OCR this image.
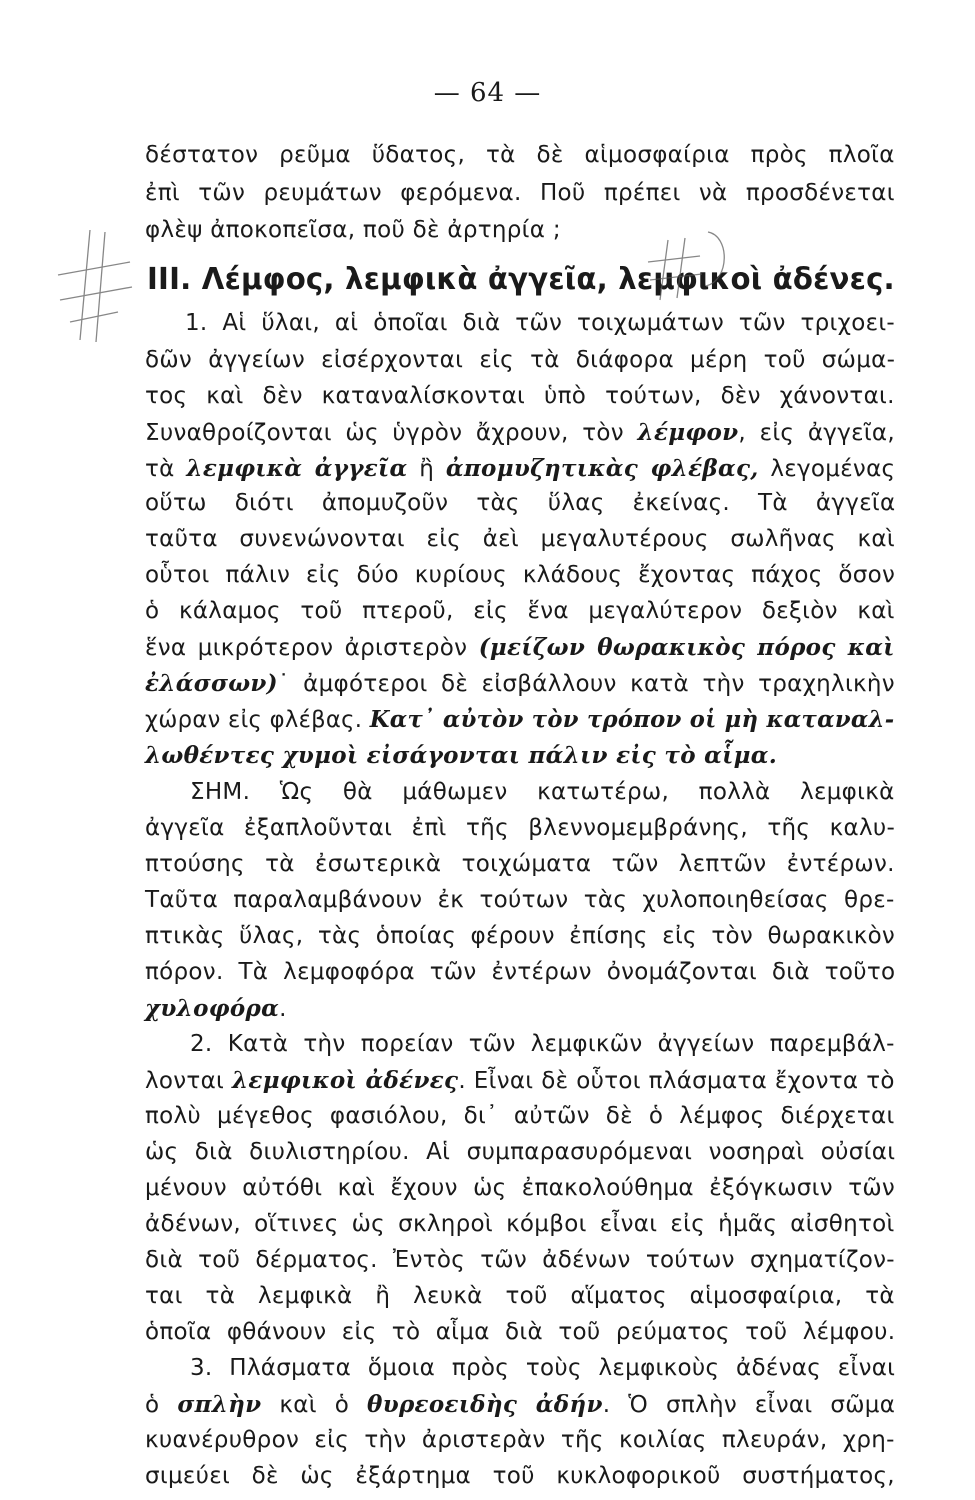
— 64 —
δέστατον ρεῦμα ὕδατος, τὰ δὲ αἱμοσφαίρια πρὸς πλοῖα
ἐπὶ τῶν ρευμάτων φερόμενα. Ποῦ πρέπει νὰ προσδένεται
φλὲψ ἀποκοπεῖσα, ποῦ δὲ ἀρτηρία ;
III. Λέμφος, λεμφικὰ ἀγγεῖα, λεμφικοὶ ἀδένες.
1. Αἱ ὕλαι, αἱ ὁποῖαι διὰ τῶν τοιχωμάτων τῶν τριχοει-
δῶν ἀγγείων εἰσέρχονται εἰς τὰ διάφορα μέρη τοῦ σώμα-
τος καὶ δὲν καταναλίσκονται ὑπὸ τούτων, δὲν χάνονται.
Συναθροίζονται ὡς ὑγρὸν ἄχρουν, τὸν λέμφον, εἰς ἀγγεῖα,
τὰ λεμφικὰ ἀγγεῖα ἢ ἀπομυζητικὰς φλέβας, λεγομένας
οὕτω διότι ἀπομυζοῦν τὰς ὕλας ἐκείνας. Τὰ ἀγγεῖα
ταῦτα συνενώνονται εἰς ἀεὶ μεγαλυτέρους σωλῆνας καὶ
οὗτοι πάλιν εἰς δύο κυρίους κλάδους ἔχοντας πάχος ὅσον
ὁ κάλαμος τοῦ πτεροῦ, εἰς ἕνα μεγαλύτερον δεξιὸν καὶ
ἕνα μικρότερον ἀριστερὸν (μείζων θωρακικὸς πόρος καὶ
ἐλάσσων)˙ ἀμφότεροι δὲ εἰσβάλλουν κατὰ τὴν τραχηλικὴν
χώραν εἰς φλέβας. Κατ᾿ αὐτὸν τὸν τρόπον οἱ μὴ καταναλ-
λωθέντες χυμοὶ εἰσάγονται πάλιν εἰς τὸ αἷμα.
ΣΗΜ. Ὡς θὰ μάθωμεν κατωτέρω, πολλὰ λεμφικὰ
ἀγγεῖα ἐξαπλοῦνται ἐπὶ τῆς βλεννομεμβράνης, τῆς καλυ-
πτούσης τὰ ἐσωτερικὰ τοιχώματα τῶν λεπτῶν ἐντέρων.
Ταῦτα παραλαμβάνουν ἐκ τούτων τὰς χυλοποιηθείσας θρε-
πτικὰς ὕλας, τὰς ὁποίας φέρουν ἐπίσης εἰς τὸν θωρακικὸν
πόρον. Τὰ λεμφοφόρα τῶν ἐντέρων ὀνομάζονται διὰ τοῦτο
χυλοφόρα.
2. Κατὰ τὴν πορείαν τῶν λεμφικῶν ἀγγείων παρεμβάλ-
λονται λεμφικοὶ ἀδένες. Εἶναι δὲ οὗτοι πλάσματα ἔχοντα τὸ
πολὺ μέγεθος φασιόλου, δι᾿ αὐτῶν δὲ ὁ λέμφος διέρχεται
ὡς διὰ διυλιστηρίου. Αἱ συμπαρασυρόμεναι νοσηραὶ οὐσίαι
μένουν αὐτόθι καὶ ἔχουν ὡς ἐπακολούθημα ἐξόγκωσιν τῶν
ἀδένων, οἵτινες ὡς σκληροὶ κόμβοι εἶναι εἰς ἡμᾶς αἰσθητοὶ
διὰ τοῦ δέρματος. Ἐντὸς τῶν ἀδένων τούτων σχηματίζον-
ται τὰ λεμφικὰ ἢ λευκὰ τοῦ αἵματος αἱμοσφαίρια, τὰ
ὁποῖα φθάνουν εἰς τὸ αἷμα διὰ τοῦ ρεύματος τοῦ λέμφου.
3. Πλάσματα ὅμοια πρὸς τοὺς λεμφικοὺς ἀδένας εἶναι
ὁ σπλὴν καὶ ὁ θυρεοειδὴς ἀδήν. Ὁ σπλὴν εἶναι σῶμα
κυανέρυθρον εἰς τὴν ἀριστερὰν τῆς κοιλίας πλευράν, χρη-
σιμεύει δὲ ὡς ἐξάρτημα τοῦ κυκλοφορικοῦ συστήματος,
